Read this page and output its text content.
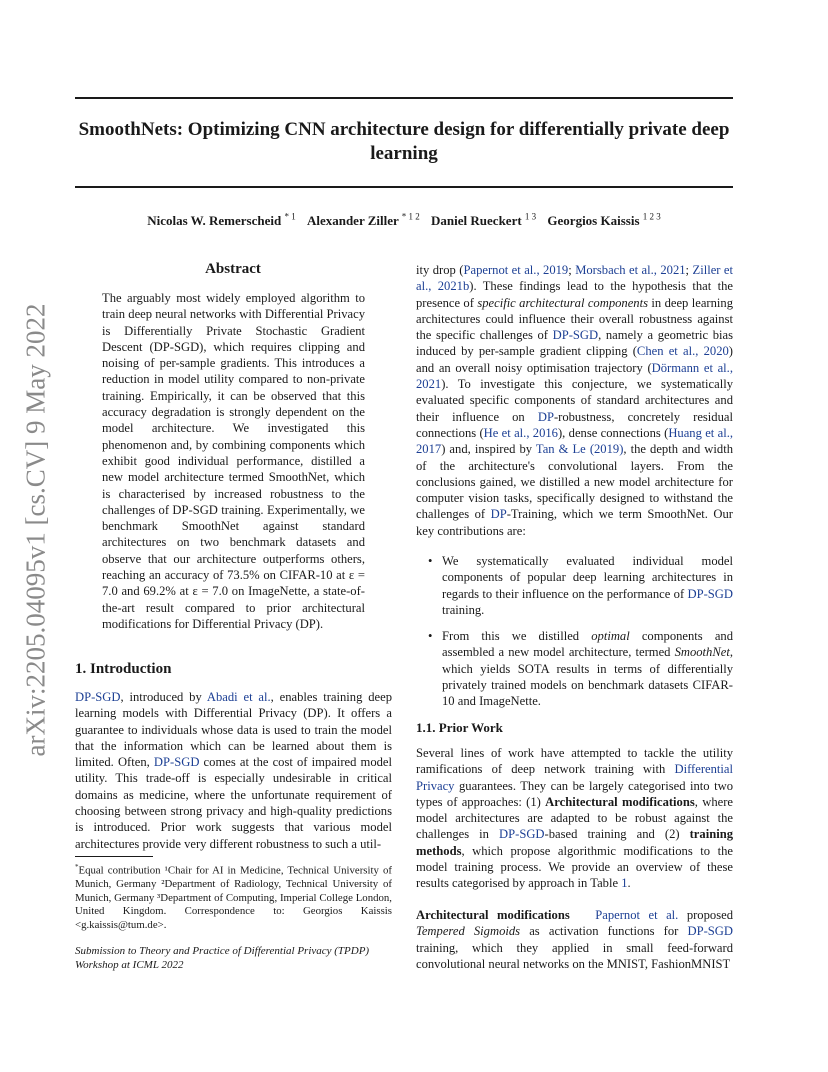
SmoothNets: Optimizing CNN architecture design for differentially private deep learning
Nicolas W. Remerscheid $^{* 1}$ Alexander Ziller $^{* 1 2}$ Daniel Rueckert $^{1 3}$ Georgios Kaissis $^{1 2 3}$
arXiv:2205.04095v1 [cs.CV] 9 May 2022
Abstract

The arguably most widely employed algorithm to train deep neural networks with Differential Privacy is Differentially Private Stochastic Gradient Descent (DP-SGD), which requires clipping and noising of per-sample gradients. This introduces a reduction in model utility compared to non-private training. Empirically, it can be observed that this accuracy degradation is strongly dependent on the model architecture. We investigated this phenomenon and, by combining components which exhibit good individual performance, distilled a new model architecture termed SmoothNet, which is characterised by increased robustness to the challenges of DP-SGD training. Experimentally, we benchmark SmoothNet against standard architectures on two benchmark datasets and observe that our architecture outperforms others, reaching an accuracy of 73.5% on CIFAR-10 at ε = 7.0 and 69.2% at ε = 7.0 on ImageNette, a state-of-the-art result compared to prior architectural modifications for Differential Privacy (DP).

1. Introduction

DP-SGD, introduced by Abadi et al., enables training deep learning models with Differential Privacy (DP). It offers a guarantee to individuals whose data is used to train the model that the information which can be learned about them is limited. Often, DP-SGD comes at the cost of impaired model utility. This trade-off is especially undesirable in critical domains as medicine, where the unfortunate requirement of choosing between strong privacy and high-quality predictions is introduced. Prior work suggests that various model architectures provide very different robustness to such a util-

*Equal contribution ¹Chair for AI in Medicine, Technical University of Munich, Germany ²Department of Radiology, Technical University of Munich, Germany ³Department of Computing, Imperial College London, United Kingdom. Correspondence to: Georgios Kaissis <g.kaissis@tum.de>.

Submission to Theory and Practice of Differential Privacy (TPDP) Workshop at ICML 2022

ity drop (Papernot et al., 2019; Morsbach et al., 2021; Ziller et al., 2021b). These findings lead to the hypothesis that the presence of specific architectural components in deep learning architectures could influence their overall robustness against the specific challenges of DP-SGD, namely a geometric bias induced by per-sample gradient clipping (Chen et al., 2020) and an overall noisy optimisation trajectory (Dörmann et al., 2021). To investigate this conjecture, we systematically evaluated specific components of standard architectures and their influence on DP-robustness, concretely residual connections (He et al., 2016), dense connections (Huang et al., 2017) and, inspired by Tan & Le (2019), the depth and width of the architecture's convolutional layers. From the conclusions gained, we distilled a new model architecture for computer vision tasks, specifically designed to withstand the challenges of DP-Training, which we term SmoothNet. Our key contributions are:

• We systematically evaluated individual model components of popular deep learning architectures in regards to their influence on the performance of DP-SGD training.

• From this we distilled optimal components and assembled a new model architecture, termed SmoothNet, which yields SOTA results in terms of differentially privately trained models on benchmark datasets CIFAR-10 and ImageNette.

1.1. Prior Work

Several lines of work have attempted to tackle the utility ramifications of deep network training with Differential Privacy guarantees. They can be largely categorised into two types of approaches: (1) Architectural modifications, where model architectures are adapted to be robust against the challenges in DP-SGD-based training and (2) training methods, which propose algorithmic modifications to the model training process. We provide an overview of these results categorised by approach in Table 1.

Architectural modifications Papernot et al. proposed Tempered Sigmoids as activation functions for DP-SGD training, which they applied in small feed-forward convolutional neural networks on the MNIST, FashionMNIST
